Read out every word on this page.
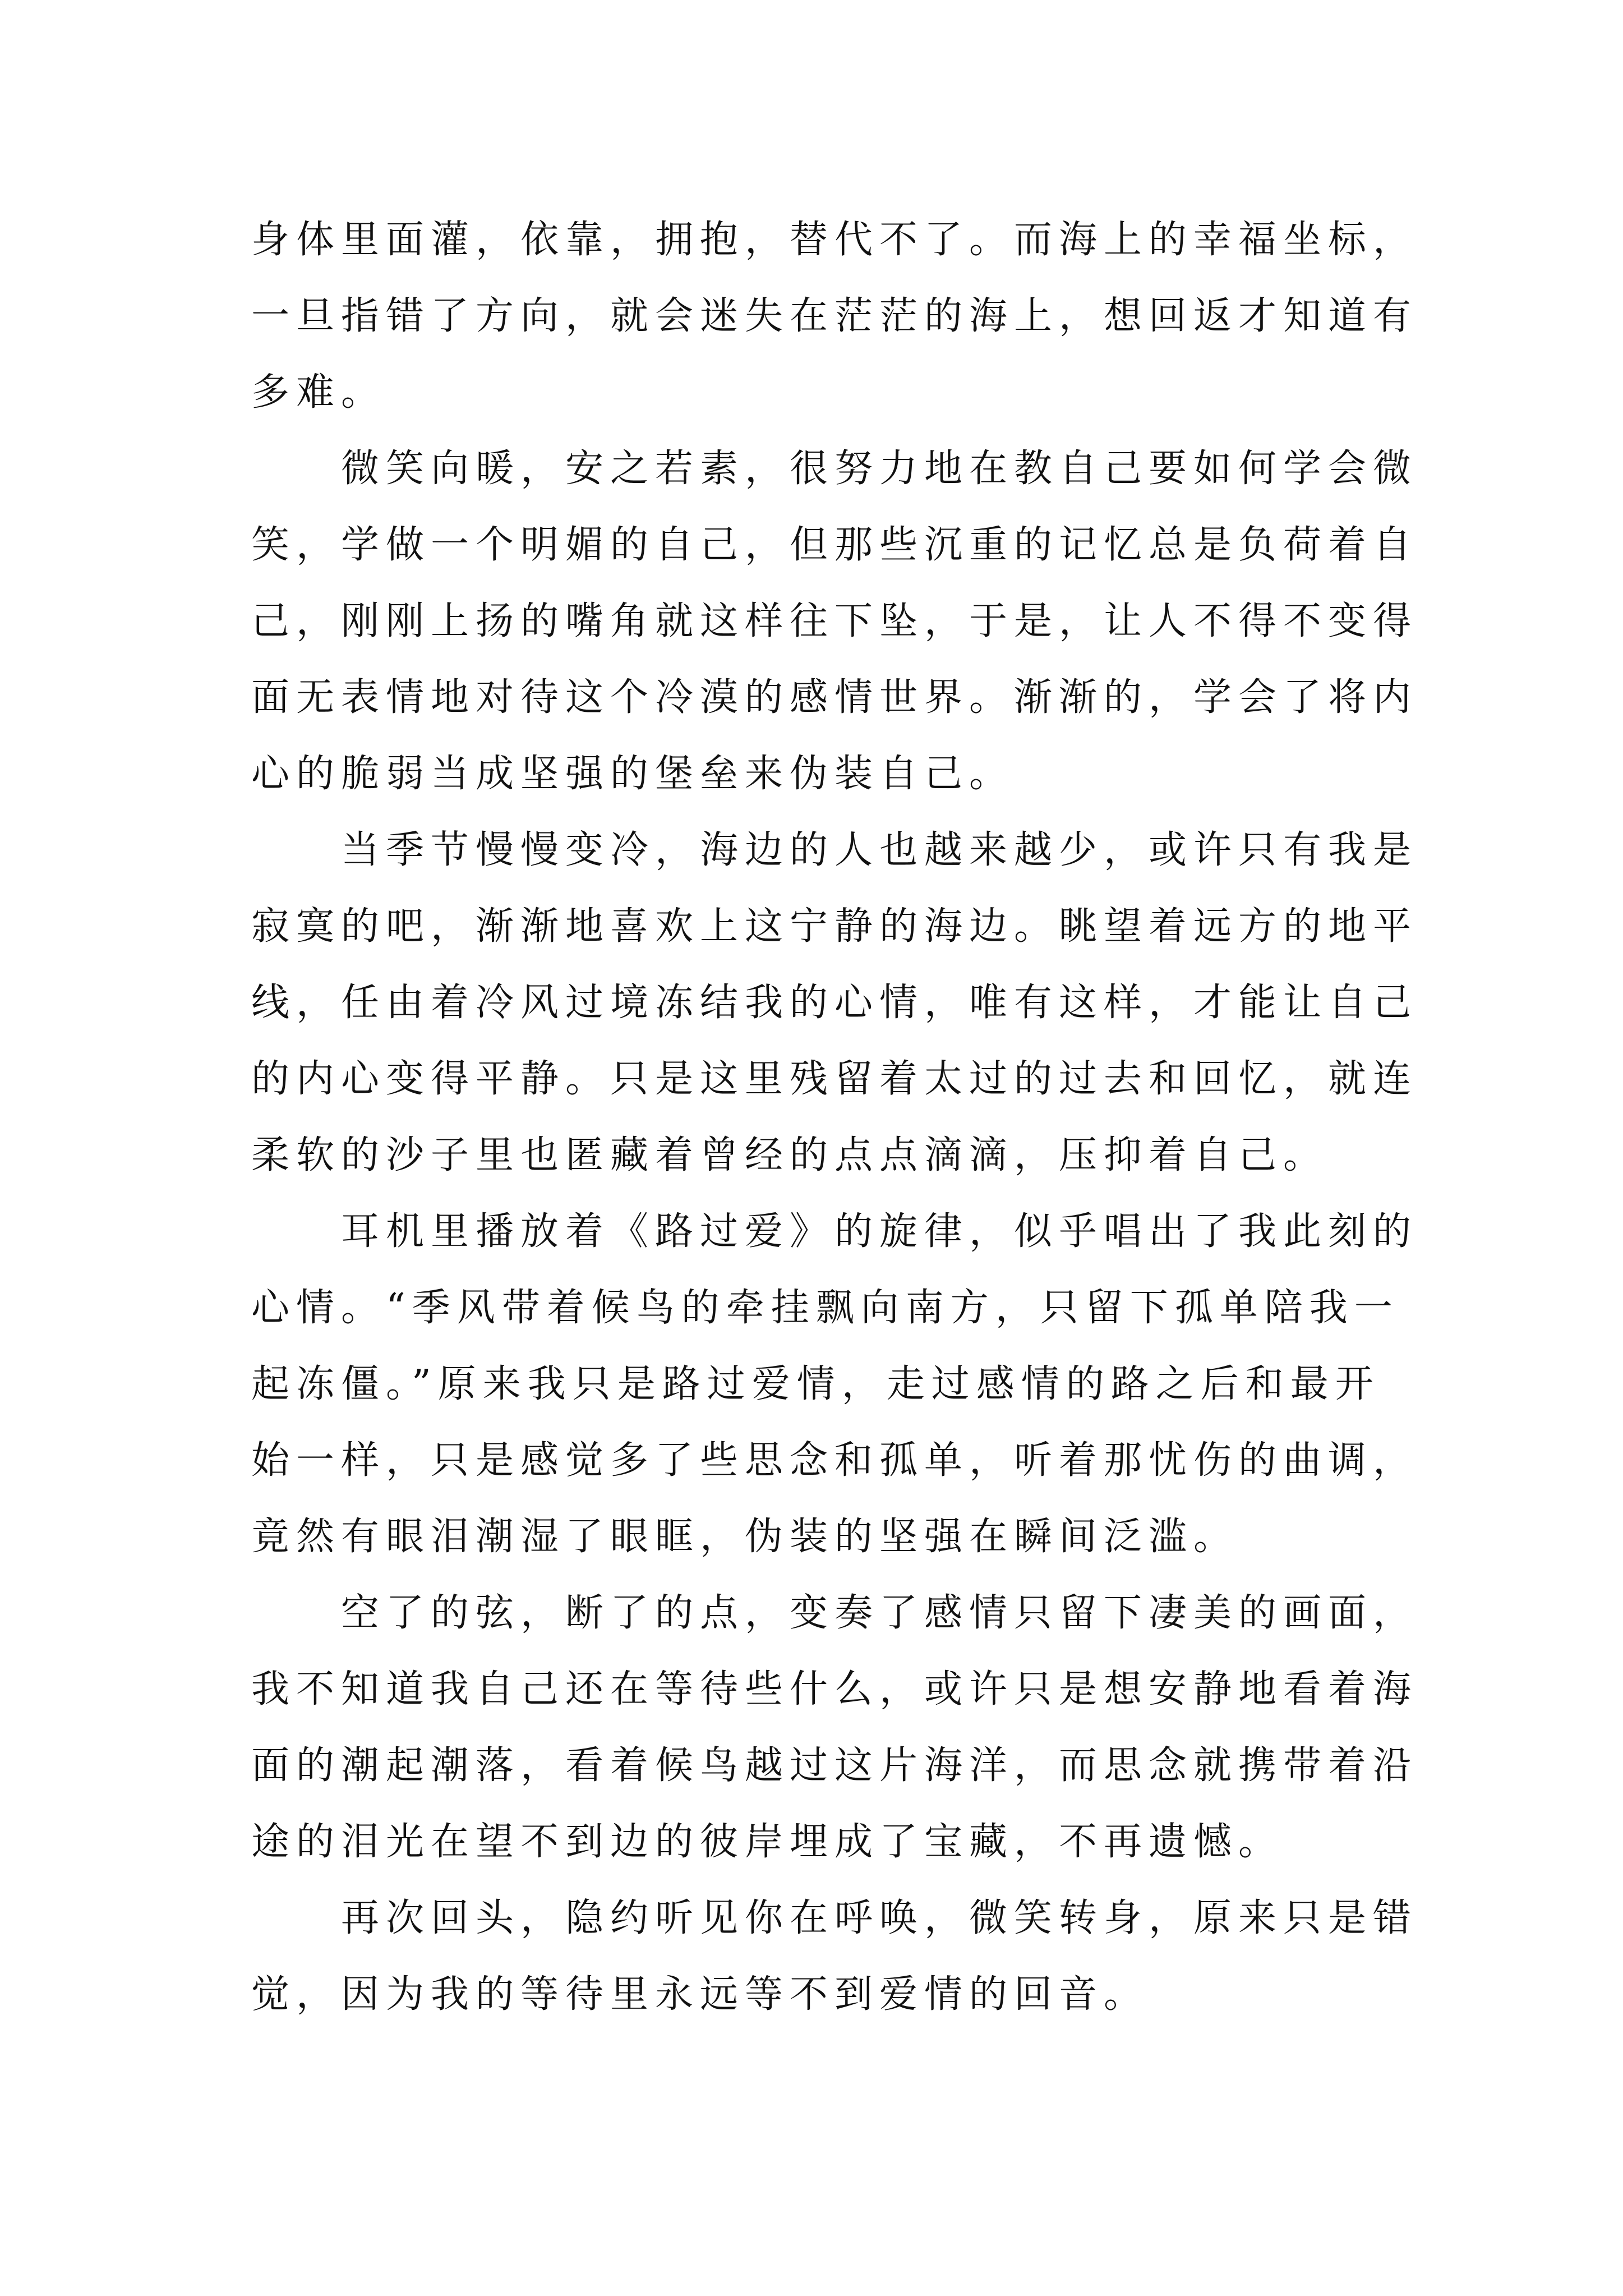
身体里面灌，依靠，拥抱，替代不了。而海上的幸福坐标，
一旦指错了方向，就会迷失在茫茫的海上，想回返才知道有
多难。
微笑向暖，安之若素，很努力地在教自己要如何学会微
笑，学做一个明媚的自己，但那些沉重的记忆总是负荷着自
己，刚刚上扬的嘴角就这样往下坠，于是，让人不得不变得
面无表情地对待这个冷漠的感情世界。渐渐的，学会了将内
心的脆弱当成坚强的堡垒来伪装自己。
当季节慢慢变冷，海边的人也越来越少，或许只有我是
寂寞的吧，渐渐地喜欢上这宁静的海边。眺望着远方的地平
线，任由着冷风过境冻结我的心情，唯有这样，才能让自己
的内心变得平静。只是这里残留着太过的过去和回忆，就连
柔软的沙子里也匿藏着曾经的点点滴滴，压抑着自己。
耳机里播放着《路过爱》的旋律，似乎唱出了我此刻的
心情。“季风带着候鸟的牵挂飘向南方，只留下孤单陪我一
起冻僵。”原来我只是路过爱情，走过感情的路之后和最开
始一样，只是感觉多了些思念和孤单，听着那忧伤的曲调，
竟然有眼泪潮湿了眼眶，伪装的坚强在瞬间泛滥。
空了的弦，断了的点，变奏了感情只留下凄美的画面，
我不知道我自己还在等待些什么，或许只是想安静地看着海
面的潮起潮落，看着候鸟越过这片海洋，而思念就携带着沿
途的泪光在望不到边的彼岸埋成了宝藏，不再遗憾。
再次回头，隐约听见你在呼唤，微笑转身，原来只是错
觉，因为我的等待里永远等不到爱情的回音。
